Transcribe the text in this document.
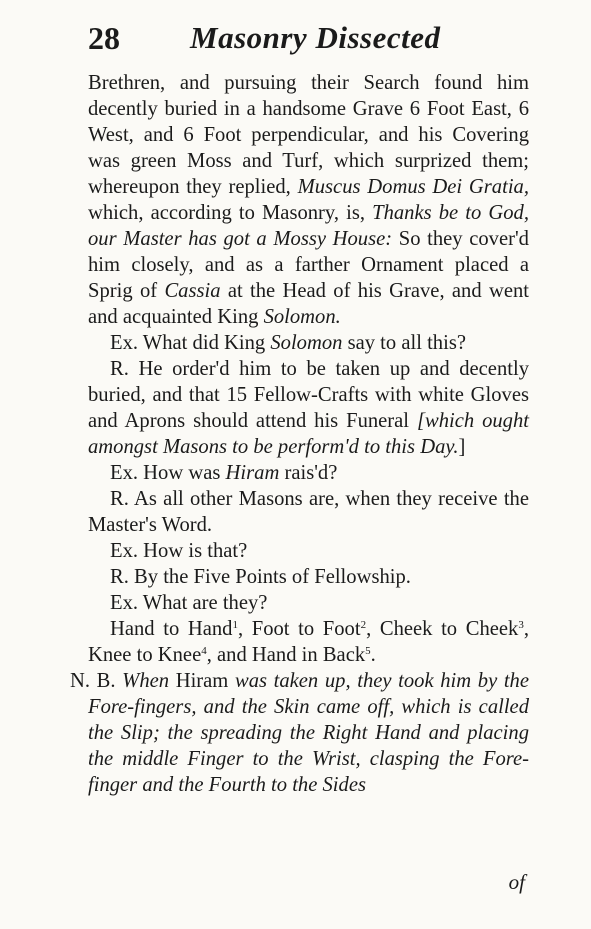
28 Masonry Dissected

Brethren, and pursuing their Search found him decently buried in a handsome Grave 6 Foot East, 6 West, and 6 Foot perpendicular, and his Covering was green Moss and Turf, which surprized them; whereupon they replied, Muscus Domus Dei Gratia, which, according to Masonry, is, Thanks be to God, our Master has got a Mossy House: So they cover'd him closely, and as a farther Ornament placed a Sprig of Cassia at the Head of his Grave, and went and acquainted King Solomon.

Ex. What did King Solomon say to all this?

R. He order'd him to be taken up and decently buried, and that 15 Fellow-Crafts with white Gloves and Aprons should attend his Funeral [which ought amongst Masons to be perform'd to this Day.]

Ex. How was Hiram rais'd?

R. As all other Masons are, when they receive the Master's Word.

Ex. How is that?

R. By the Five Points of Fellowship.

Ex. What are they?

Hand to Hand$^1$, Foot to Foot$^2$, Cheek to Cheek$^3$, Knee to Knee$^4$, and Hand in Back$^5$.

N. B. When Hiram was taken up, they took him by the Fore-fingers, and the Skin came off, which is called the Slip; the spreading the Right Hand and placing the middle Finger to the Wrist, clasping the Fore-finger and the Fourth to the Sides

of
